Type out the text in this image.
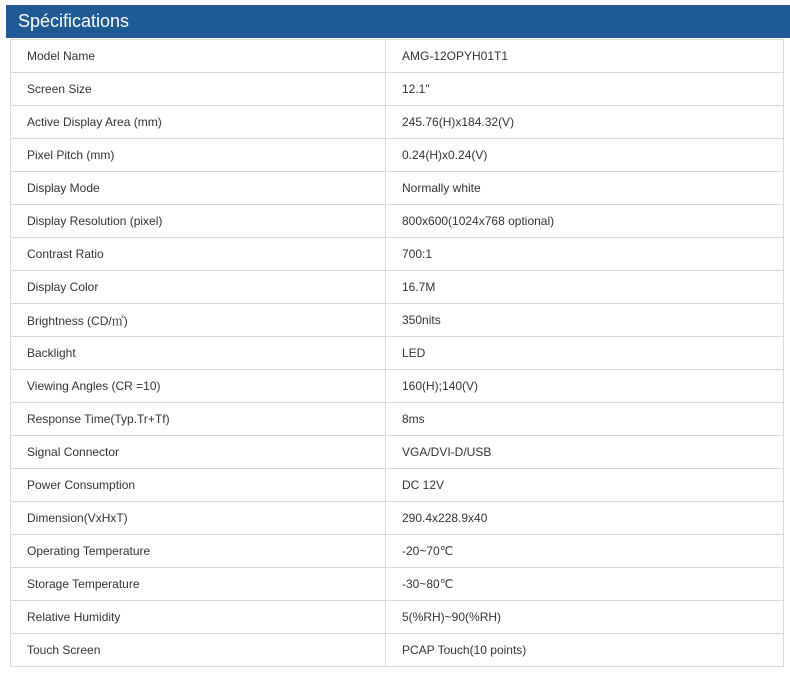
Spécifications
Model Name	AMG-12OPYH01T1
Screen Size	12.1"
Active Display Area (mm)	245.76(H)x184.32(V)
Pixel Pitch (mm)	0.24(H)x0.24(V)
Display Mode	Normally white
Display Resolution (pixel)	800x600(1024x768 optional)
Contrast Ratio	700:1
Display Color	16.7M
Brightness (CD/㎡)	350nits
Backlight	LED
Viewing Angles (CR =10)	160(H);140(V)
Response Time(Typ.Tr+Tf)	8ms
Signal Connector	VGA/DVI-D/USB
Power Consumption	DC 12V
Dimension(VxHxT)	290.4x228.9x40
Operating Temperature	-20~70℃
Storage Temperature	-30~80℃
Relative Humidity	5(%RH)~90(%RH)
Touch Screen	PCAP Touch(10 points)
